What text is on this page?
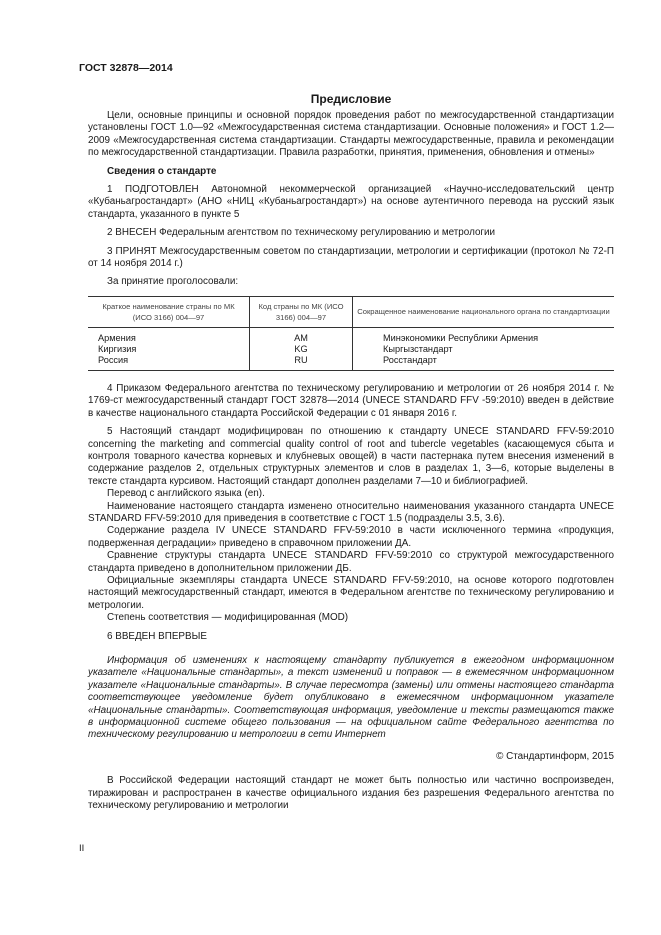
ГОСТ 32878—2014
Предисловие

Цели, основные принципы и основной порядок проведения работ по межгосударственной стандартизации установлены ГОСТ 1.0—92 «Межгосударственная система стандартизации. Основные положения» и ГОСТ 1.2—2009 «Межгосударственная система стандартизации. Стандарты межгосударственные, правила и рекомендации по межгосударственной стандартизации. Правила разработки, принятия, применения, обновления и отмены»

Сведения о стандарте

1 ПОДГОТОВЛЕН Автономной некоммерческой организацией «Научно-исследовательский центр «Кубаньагростандарт» (АНО «НИЦ «Кубаньагростандарт») на основе аутентичного перевода на русский язык стандарта, указанного в пункте 5

2 ВНЕСЕН Федеральным агентством по техническому регулированию и метрологии

3 ПРИНЯТ Межгосударственным советом по стандартизации, метрологии и сертификации (протокол № 72-П от 14 ноября 2014 г.)

За принятие проголосовали:

Краткое наименование страны по МК (ИСО 3166) 004—97	Код страны по МК (ИСО 3166) 004—97	Сокращенное наименование национального органа по стандартизации
Армения	AM	Минэкономики Республики Армения
Киргизия	KG	Кыргызстандарт
Россия	RU	Росстандарт

4 Приказом Федерального агентства по техническому регулированию и метрологии от 26 ноября 2014 г. № 1769-ст межгосударственный стандарт ГОСТ 32878—2014 (UNECE STANDARD FFV -59:2010) введен в действие в качестве национального стандарта Российской Федерации с 01 января 2016 г.

5 Настоящий стандарт модифицирован по отношению к стандарту UNECE STANDARD FFV-59:2010 concerning the marketing and commercial quality control of root and tubercle vegetables (касающемуся сбыта и контроля товарного качества корневых и клубневых овощей) в части пастернака путем внесения изменений в содержание разделов 2, отдельных структурных элементов и слов в разделах 1, 3—6, которые выделены в тексте стандарта курсивом. Настоящий стандарт дополнен разделами 7—10 и библиографией.

Перевод с английского языка (en).

Наименование настоящего стандарта изменено относительно наименования указанного стандарта UNECE STANDARD FFV-59:2010 для приведения в соответствие с ГОСТ 1.5 (подразделы 3.5, 3.6).

Содержание раздела IV UNECE STANDARD FFV-59:2010 в части исключенного термина «продукция, подверженная деградации» приведено в справочном приложении ДА.

Сравнение структуры стандарта UNECE STANDARD FFV-59:2010 со структурой межгосударственного стандарта приведено в дополнительном приложении ДБ.

Официальные экземпляры стандарта UNECE STANDARD FFV-59:2010, на основе которого подготовлен настоящий межгосударственный стандарт, имеются в Федеральном агентстве по техническому регулированию и метрологии.

Степень соответствия — модифицированная (MOD)

6 ВВЕДЕН ВПЕРВЫЕ

Информация об изменениях к настоящему стандарту публикуется в ежегодном информационном указателе «Национальные стандарты», а текст изменений и поправок — в ежемесячном информационном указателе «Национальные стандарты». В случае пересмотра (замены) или отмены настоящего стандарта соответствующее уведомление будет опубликовано в ежемесячном информационном указателе «Национальные стандарты». Соответствующая информация, уведомление и тексты размещаются также в информационной системе общего пользования — на официальном сайте Федерального агентства по техническому регулированию и метрологии в сети Интернет

© Стандартинформ, 2015

В Российской Федерации настоящий стандарт не может быть полностью или частично воспроизведен, тиражирован и распространен в качестве официального издания без разрешения Федерального агентства по техническому регулированию и метрологии

II
